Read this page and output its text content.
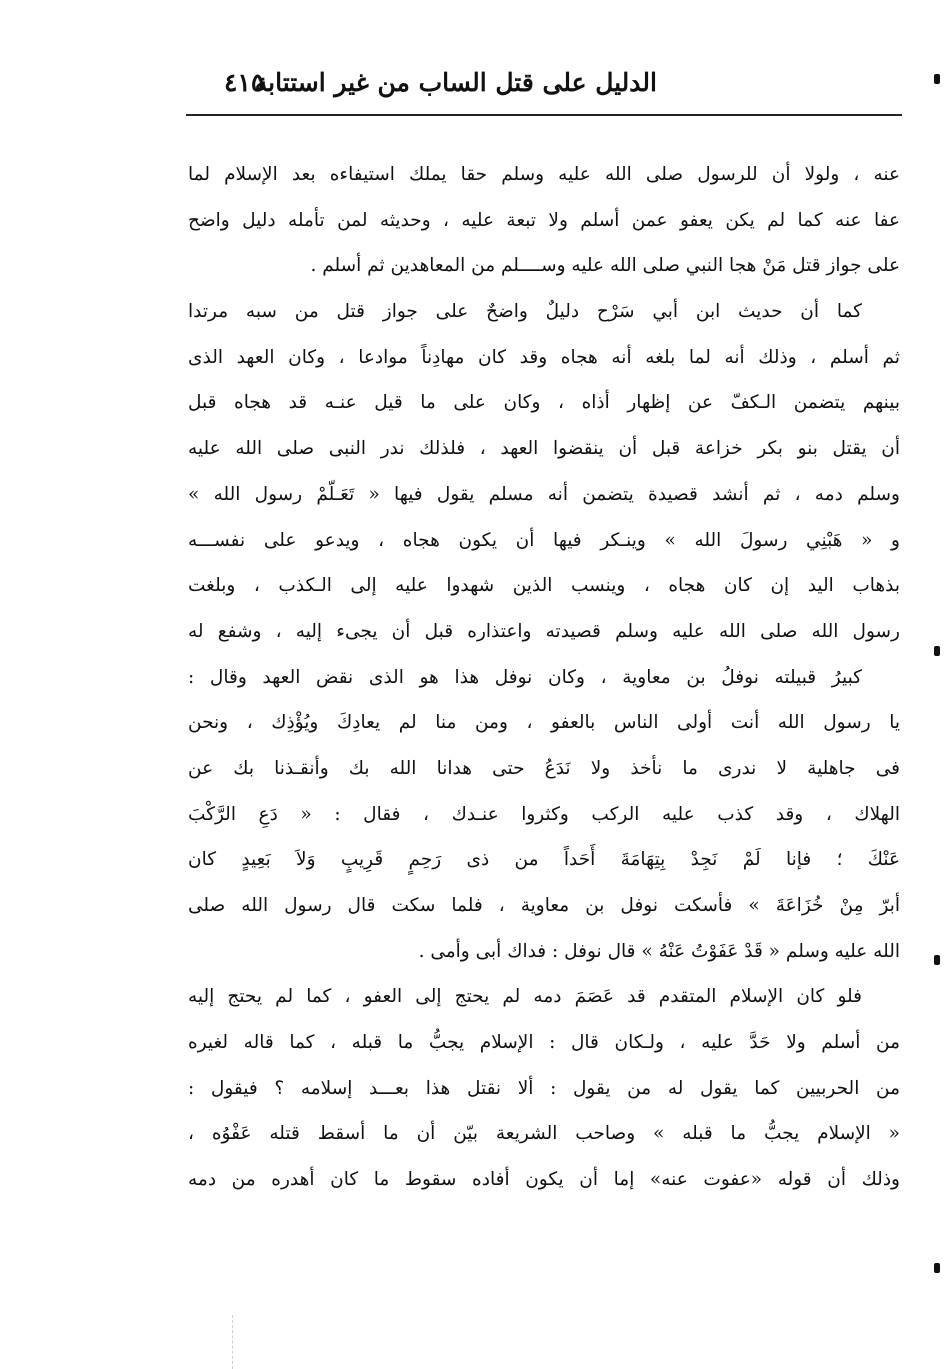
الدليل على قتل الساب من غير استتابة
٤١٥
عنه ، ولولا أن للرسول صلى الله عليه وسلم حقا يملك استيفاءه بعد الإسلام لما
عفا عنه كما لم يكن يعفو عمن أسلم ولا تبعة عليه ، وحديثه لمن تأمله دليل واضح
على جواز قتل مَنْ هجا النبي صلى الله عليه وســــلم من المعاهدين ثم أسلم .
كما أن حديث ابن أبي سَرْح دليلٌ واضحٌ على جواز قتل من سبه مرتدا
ثم أسلم ، وذلك أنه لما بلغه أنه هجاه وقد كان مهادِناً موادعا ، وكان العهد الذى
بينهم يتضمن الـكفّ عن إظهار أذاه ، وكان على ما قيل عنـه قد هجاه قبل
أن يقتل بنو بكر خزاعة قبل أن ينقضوا العهد ، فلذلك ندر النبى صلى الله عليه
وسلم دمه ، ثم أنشد قصيدة يتضمن أنه مسلم يقول فيها « تَعَـلّمْ رسول الله »
و « هَبْنِي رسولَ الله » وينـكر فيها أن يكون هجاه ، ويدعو على نفســـه
بذهاب اليد إن كان هجاه ، وينسب الذين شهدوا عليه إلى الـكذب ، وبلغت
رسول الله صلى الله عليه وسلم قصيدته واعتذاره قبل أن يجىء إليه ، وشفع له
كبيرُ قبيلته نوفلُ بن معاوية ، وكان نوفل هذا هو الذى نقض العهد وقال :
يا رسول الله أنت أولى الناس بالعفو ، ومن منا لم يعادِكَ ويُؤْذِك ، ونحن
فى جاهلية لا ندرى ما نأخذ ولا نَدَعُ حتى هدانا الله بك وأنقـذنا بك عن
الهلاك ، وقد كذب عليه الركب وكثروا عنـدك ، فقال : « دَعِ الرَّكْبَ
عَنْكَ ؛ فإنا لَمْ نَجِدْ بِتِهَامَةَ أَحَداً من ذى رَحِمٍ قَرِيبٍ وَلاَ بَعِيدٍ كان
أبرّ مِنْ خُزَاعَةَ » فأسكت نوفل بن معاوية ، فلما سكت قال رسول الله صلى
الله عليه وسلم « قَدْ عَفَوْتُ عَنْهُ » قال نوفل : فداك أبى وأمى .
فلو كان الإسلام المتقدم قد عَصَمَ دمه لم يحتج إلى العفو ، كما لم يحتج إليه
من أسلم ولا حَدَّ عليه ، ولـكان قال : الإسلام يجبُّ ما قبله ، كما قاله لغيره
من الحربيين كما يقول له من يقول : ألا نقتل هذا بعـــد إسلامه ؟ فيقول :
« الإسلام يجبُّ ما قبله » وصاحب الشريعة بيّن أن ما أسقط قتله عَفْوُه ،
وذلك أن قوله «عفوت عنه» إما أن يكون أفاده سقوط ما كان أهدره من دمه
